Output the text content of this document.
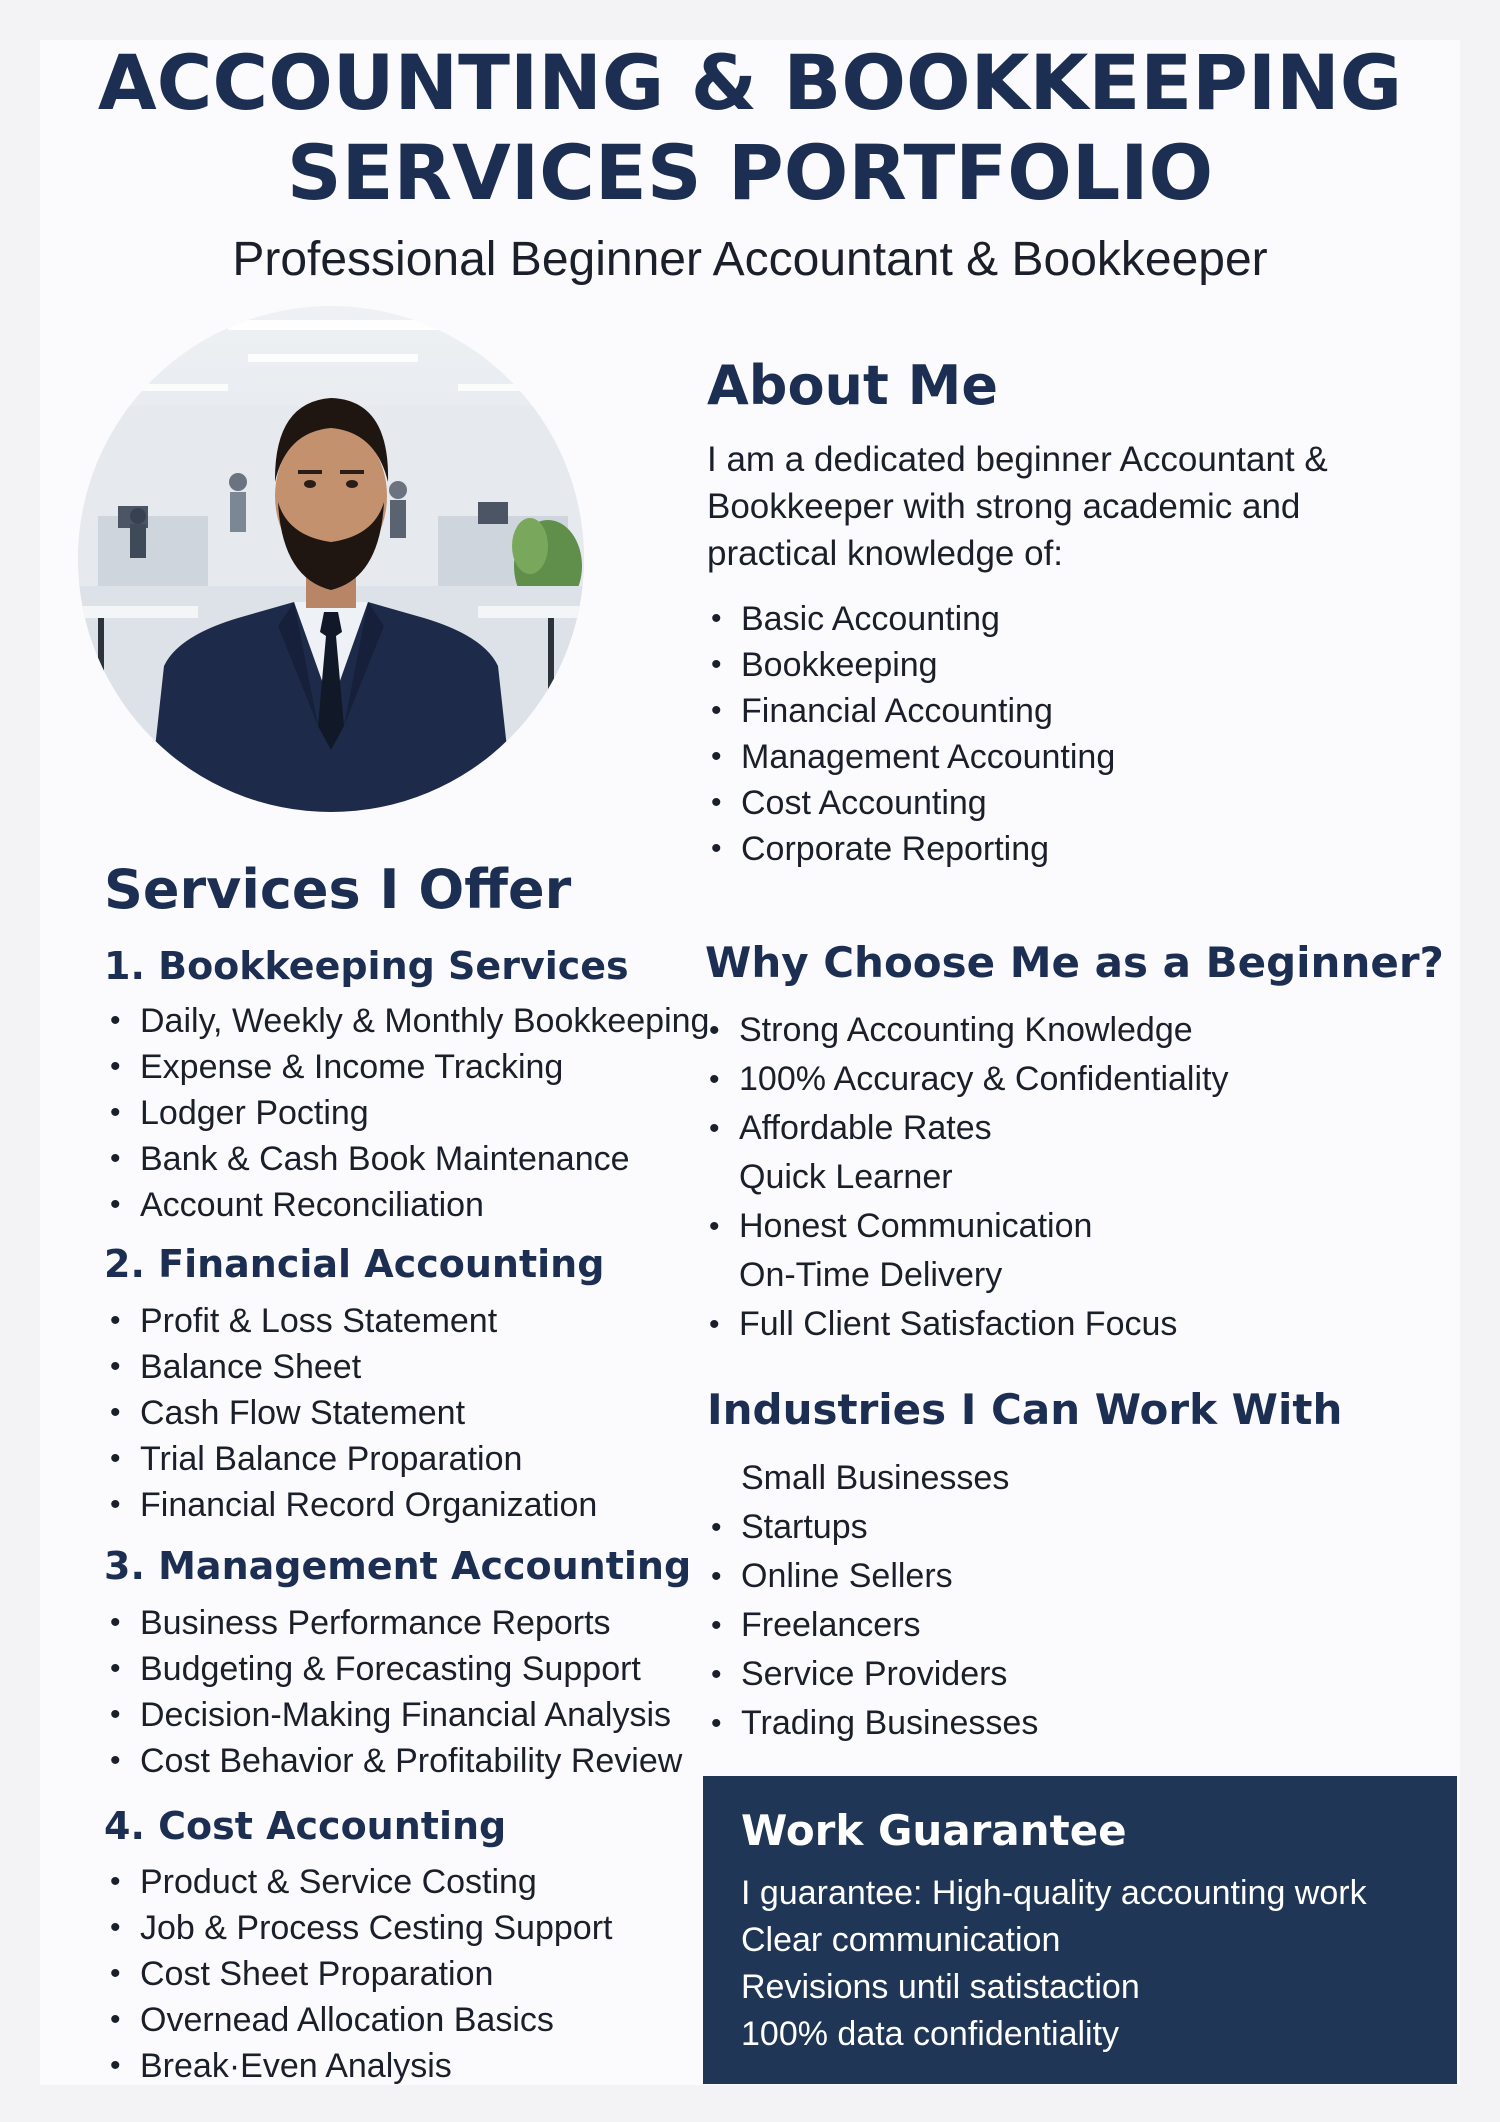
ACCOUNTING & BOOKKEEPING
SERVICES PORTFOLIO
Professional Beginner Accountant & Bookkeeper
About Me
I am a dedicated beginner Accountant & Bookkeeper with strong academic and practical knowledge of:
• Basic Accounting
• Bookkeeping
• Financial Accounting
• Management Accounting
• Cost Accounting
• Corporate Reporting
Services I Offer
1. Bookkeeping Services
• Daily, Weekly & Monthly Bookkeeping
• Expense & Income Tracking
• Lodger Pocting
• Bank & Cash Book Maintenance
• Account Reconciliation
2. Financial Accounting
• Profit & Loss Statement
• Balance Sheet
• Cash Flow Statement
• Trial Balance Proparation
• Financial Record Organization
3. Management Accounting
• Business Performance Reports
• Budgeting & Forecasting Support
• Decision-Making Financial Analysis
• Cost Behavior & Profitability Review
4. Cost Accounting
• Product & Service Costing
• Job & Process Cesting Support
• Cost Sheet Proparation
• Overnead Allocation Basics
• Break·Even Analysis
Why Choose Me as a Beginner?
• Strong Accounting Knowledge
• 100% Accuracy & Confidentiality
• Affordable Rates
Quick Learner
• Honest Communication
On-Time Delivery
• Full Client Satisfaction Focus
Industries I Can Work With
Small Businesses
• Startups
• Online Sellers
• Freelancers
• Service Providers
• Trading Businesses
Work Guarantee
I guarantee: High-quality accounting work
Clear communication
Revisions until satistaction
100% data confidentiality
